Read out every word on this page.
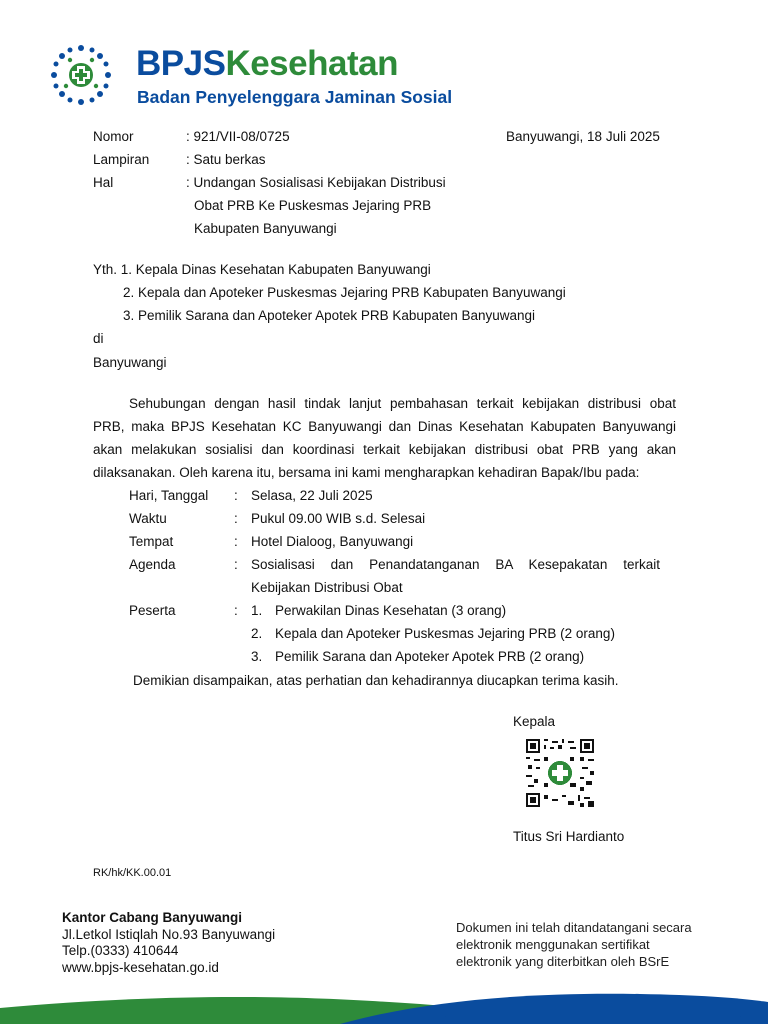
BPJSKesehatan
Badan Penyelenggara Jaminan Sosial
Nomor	: 921/VII-08/0725	Banyuwangi, 18 Juli 2025
Lampiran	: Satu berkas
Hal	: Undangan Sosialisasi Kebijakan Distribusi
Obat PRB Ke Puskesmas Jejaring PRB
Kabupaten Banyuwangi
Yth. 1. Kepala Dinas Kesehatan Kabupaten Banyuwangi
2. Kepala dan Apoteker Puskesmas Jejaring PRB Kabupaten Banyuwangi
3. Pemilik Sarana dan Apoteker Apotek PRB Kabupaten Banyuwangi
di
Banyuwangi
Sehubungan dengan hasil tindak lanjut pembahasan terkait kebijakan distribusi obat
PRB, maka BPJS Kesehatan KC Banyuwangi dan Dinas Kesehatan Kabupaten Banyuwangi
akan melakukan sosialisi dan koordinasi terkait kebijakan distribusi obat PRB yang akan
dilaksanakan. Oleh karena itu, bersama ini kami mengharapkan kehadiran Bapak/Ibu pada:
Hari, Tanggal : Selasa, 22 Juli 2025
Waktu	: Pukul 09.00 WIB s.d. Selesai
Tempat	: Hotel Dialoog, Banyuwangi
Agenda	: Sosialisasi dan Penandatanganan BA Kesepakatan terkait
Kebijakan Distribusi Obat
Peserta	: 1. Perwakilan Dinas Kesehatan (3 orang)
2. Kepala dan Apoteker Puskesmas Jejaring PRB (2 orang)
3. Pemilik Sarana dan Apoteker Apotek PRB (2 orang)
Demikian disampaikan, atas perhatian dan kehadirannya diucapkan terima kasih.
Kepala
Titus Sri Hardianto
RK/hk/KK.00.01
Kantor Cabang Banyuwangi
Jl.Letkol Istiqlah No.93 Banyuwangi
Telp.(0333) 410644
www.bpjs-kesehatan.go.id
Dokumen ini telah ditandatangani secara
elektronik menggunakan sertifikat
elektronik yang diterbitkan oleh BSrE
